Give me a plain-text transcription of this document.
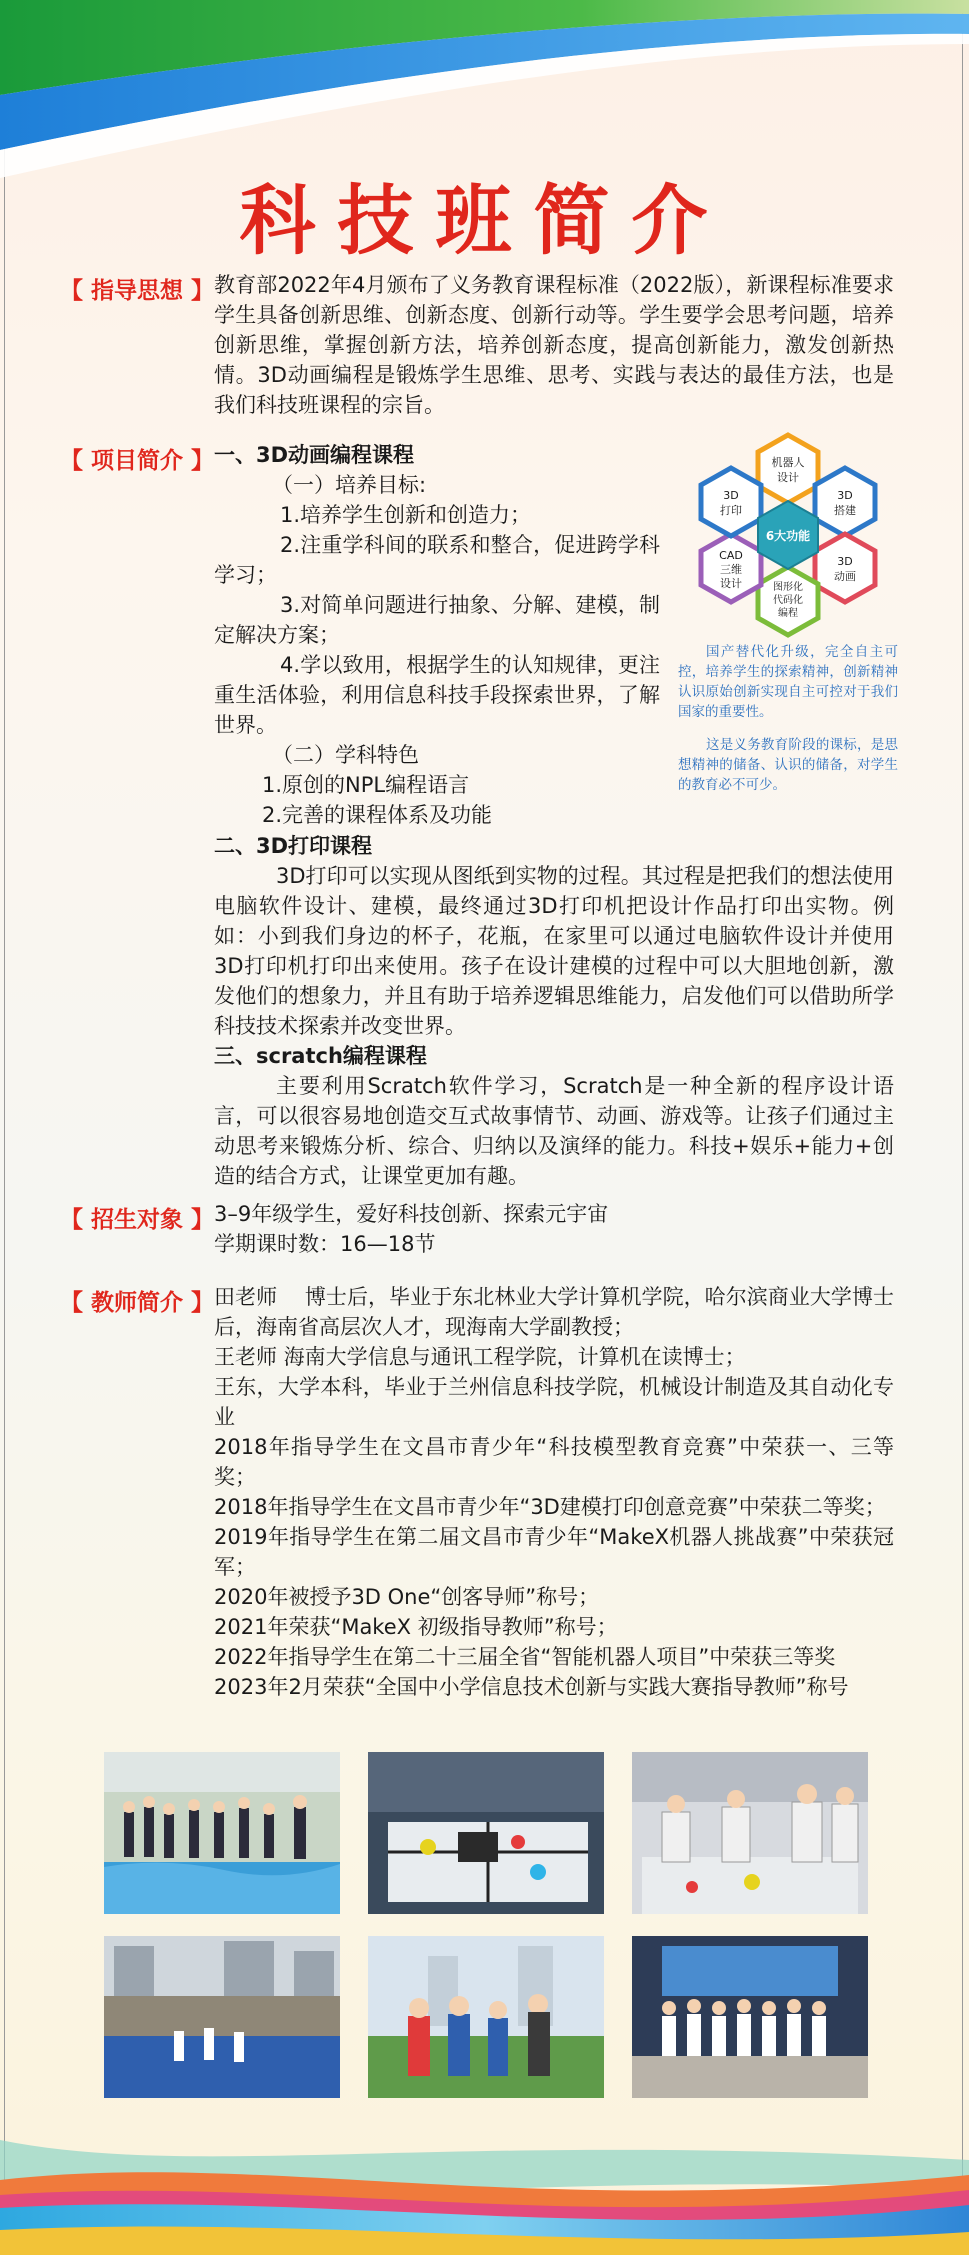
科技班简介
【 指导思想 】 教育部2022年4月颁布了义务教育课程标准（2022版），新课程标准要求学生具备创新思维、创新态度、创新行动等。学生要学会思考问题，培养创新思维，掌握创新方法，培养创新态度，提高创新能力，激发创新热情。3D动画编程是锻炼学生思维、思考、实践与表达的最佳方法，也是我们科技班课程的宗旨。

【 项目简介 】 一、3D动画编程课程

（一）培养目标:

1.培养学生创新和创造力；

2.注重学科间的联系和整合，促进跨学科学习；

3.对简单问题进行抽象、分解、建模，制定解决方案；

4.学以致用，根据学生的认知规律，更注重生活体验，利用信息科技手段探索世界，了解世界。

（二）学科特色

1.原创的NPL编程语言

2.完善的课程体系及功能

机器人
设计
3D
搭建
3D
动画
图形化
代码化
编程
CAD
三维
设计
3D
打印
6大功能
国产替代化升级，完全自主可控，培养学生的探索精神，创新精神认识原始创新实现自主可控对于我们国家的重要性。
这是义务教育阶段的课标，是思想精神的储备、认识的储备，对学生的教育必不可少。

二、3D打印课程

3D打印可以实现从图纸到实物的过程。其过程是把我们的想法使用电脑软件设计、建模，最终通过3D打印机把设计作品打印出实物。例如：小到我们身边的杯子，花瓶，在家里可以通过电脑软件设计并使用3D打印机打印出来使用。孩子在设计建模的过程中可以大胆地创新，激发他们的想象力，并且有助于培养逻辑思维能力，启发他们可以借助所学科技技术探索并改变世界。

三、scratch编程课程

主要利用Scratch软件学习，Scratch是一种全新的程序设计语言，可以很容易地创造交互式故事情节、动画、游戏等。让孩子们通过主动思考来锻炼分析、综合、归纳以及演绎的能力。科技+娱乐+能力+创造的结合方式，让课堂更加有趣。

【 招生对象 】 3–9年级学生，爱好科技创新、探索元宇宙

学期课时数：16—18节

【 教师简介 】 田老师　 博士后，毕业于东北林业大学计算机学院，哈尔滨商业大学博士后，海南省高层次人才，现海南大学副教授；

王老师 海南大学信息与通讯工程学院，计算机在读博士；

王东，大学本科，毕业于兰州信息科技学院，机械设计制造及其自动化专业

2018年指导学生在文昌市青少年“科技模型教育竞赛”中荣获一、三等奖；

2018年指导学生在文昌市青少年“3D建模打印创意竞赛”中荣获二等奖；

2019年指导学生在第二届文昌市青少年“MakeX机器人挑战赛”中荣获冠军；

2020年被授予3D One“创客导师”称号；

2021年荣获“MakeX 初级指导教师”称号；

2022年指导学生在第二十三届全省“智能机器人项目”中荣获三等奖

2023年2月荣获“全国中小学信息技术创新与实践大赛指导教师”称号
